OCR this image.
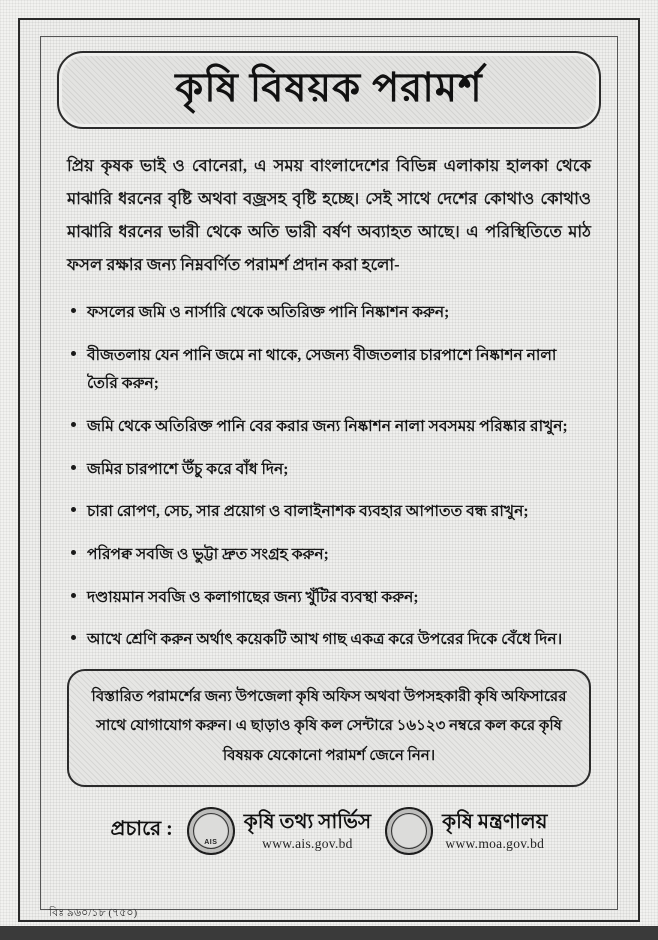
কৃষি বিষয়ক পরামর্শ

প্রিয় কৃষক ভাই ও বোনেরা, এ সময় বাংলাদেশের বিভিন্ন এলাকায় হালকা থেকে মাঝারি ধরনের বৃষ্টি অথবা বজ্রসহ বৃষ্টি হচ্ছে। সেই সাথে দেশের কোথাও কোথাও মাঝারি ধরনের ভারী থেকে অতি ভারী বর্ষণ অব্যাহত আছে। এ পরিস্থিতিতে মাঠ ফসল রক্ষার জন্য নিম্নবর্ণিত পরামর্শ প্রদান করা হলো-

ফসলের জমি ও নার্সারি থেকে অতিরিক্ত পানি নিষ্কাশন করুন;
বীজতলায় যেন পানি জমে না থাকে, সেজন্য বীজতলার চারপাশে নিষ্কাশন নালা তৈরি করুন;
জমি থেকে অতিরিক্ত পানি বের করার জন্য নিষ্কাশন নালা সবসময় পরিষ্কার রাখুন;
জমির চারপাশে উঁচু করে বাঁধ দিন;
চারা রোপণ, সেচ, সার প্রয়োগ ও বালাইনাশক ব্যবহার আপাতত বন্ধ রাখুন;
পরিপক্ব সবজি ও ভুট্টা দ্রুত সংগ্রহ করুন;
দণ্ডায়মান সবজি ও কলাগাছের জন্য খুঁটির ব্যবস্থা করুন;
আখে শ্রেণি করুন অর্থাৎ কয়েকটি আখ গাছ একত্র করে উপরের দিকে বেঁধে দিন।
বিস্তারিত পরামর্শের জন্য উপজেলা কৃষি অফিস অথবা উপসহকারী কৃষি অফিসারের সাথে যোগাযোগ করুন। এ ছাড়াও কৃষি কল সেন্টারে ১৬১২৩ নম্বরে কল করে কৃষি বিষয়ক যেকোনো পরামর্শ জেনে নিন।
প্রচারে :
AIS
কৃষি তথ্য সার্ভিস
www.ais.gov.bd
কৃষি মন্ত্রণালয়
www.moa.gov.bd
বিঃ ৯৬০/১৮ (৭৫০)
